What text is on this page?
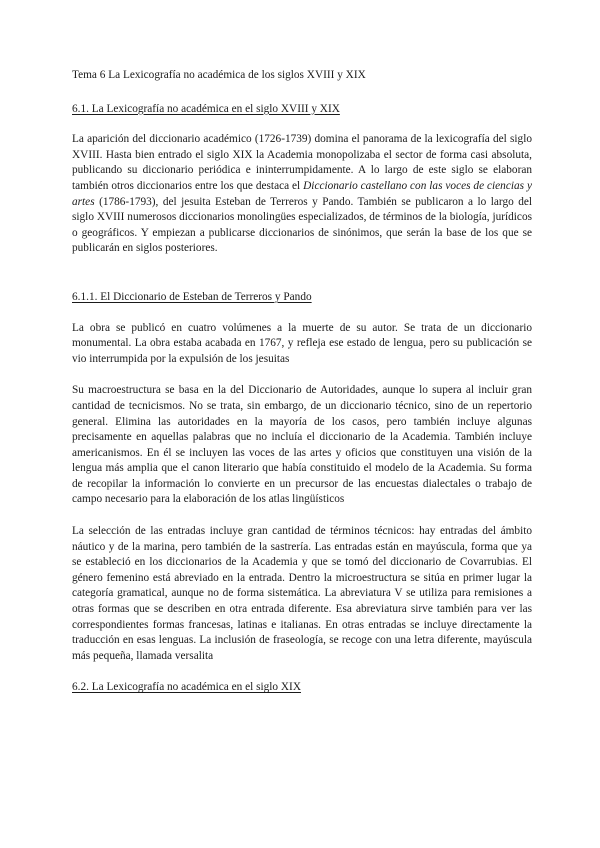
Tema 6 La Lexicografía no académica de los siglos XVIII y XIX
6.1. La Lexicografía no académica en el siglo XVIII y XIX

La aparición del diccionario académico (1726-1739) domina el panorama de la lexicografía del siglo XVIII. Hasta bien entrado el siglo XIX la Academia monopolizaba el sector de forma casi absoluta, publicando su diccionario periódica e ininterrumpidamente. A lo largo de este siglo se elaboran también otros diccionarios entre los que destaca el Diccionario castellano con las voces de ciencias y artes (1786-1793), del jesuita Esteban de Terreros y Pando. También se publicaron a lo largo del siglo XVIII numerosos diccionarios monolingües especializados, de términos de la biología, jurídicos o geográficos. Y empiezan a publicarse diccionarios de sinónimos, que serán la base de los que se publicarán en siglos posteriores.

6.1.1. El Diccionario de Esteban de Terreros y Pando

La obra se publicó en cuatro volúmenes a la muerte de su autor. Se trata de un diccionario monumental. La obra estaba acabada en 1767, y refleja ese estado de lengua, pero su publicación se vio interrumpida por la expulsión de los jesuitas

Su macroestructura se basa en la del Diccionario de Autoridades, aunque lo supera al incluir gran cantidad de tecnicismos. No se trata, sin embargo, de un diccionario técnico, sino de un repertorio general. Elimina las autoridades en la mayoría de los casos, pero también incluye algunas precisamente en aquellas palabras que no incluía el diccionario de la Academia. También incluye americanismos. En él se incluyen las voces de las artes y oficios que constituyen una visión de la lengua más amplia que el canon literario que había constituido el modelo de la Academia. Su forma de recopilar la información lo convierte en un precursor de las encuestas dialectales o trabajo de campo necesario para la elaboración de los atlas lingüísticos

La selección de las entradas incluye gran cantidad de términos técnicos: hay entradas del ámbito náutico y de la marina, pero también de la sastrería. Las entradas están en mayúscula, forma que ya se estableció en los diccionarios de la Academia y que se tomó del diccionario de Covarrubias. El género femenino está abreviado en la entrada. Dentro la microestructura se sitúa en primer lugar la categoría gramatical, aunque no de forma sistemática. La abreviatura V se utiliza para remisiones a otras formas que se describen en otra entrada diferente. Esa abreviatura sirve también para ver las correspondientes formas francesas, latinas e italianas. En otras entradas se incluye directamente la traducción en esas lenguas. La inclusión de fraseología, se recoge con una letra diferente, mayúscula más pequeña, llamada versalita

6.2. La Lexicografía no académica en el siglo XIX
